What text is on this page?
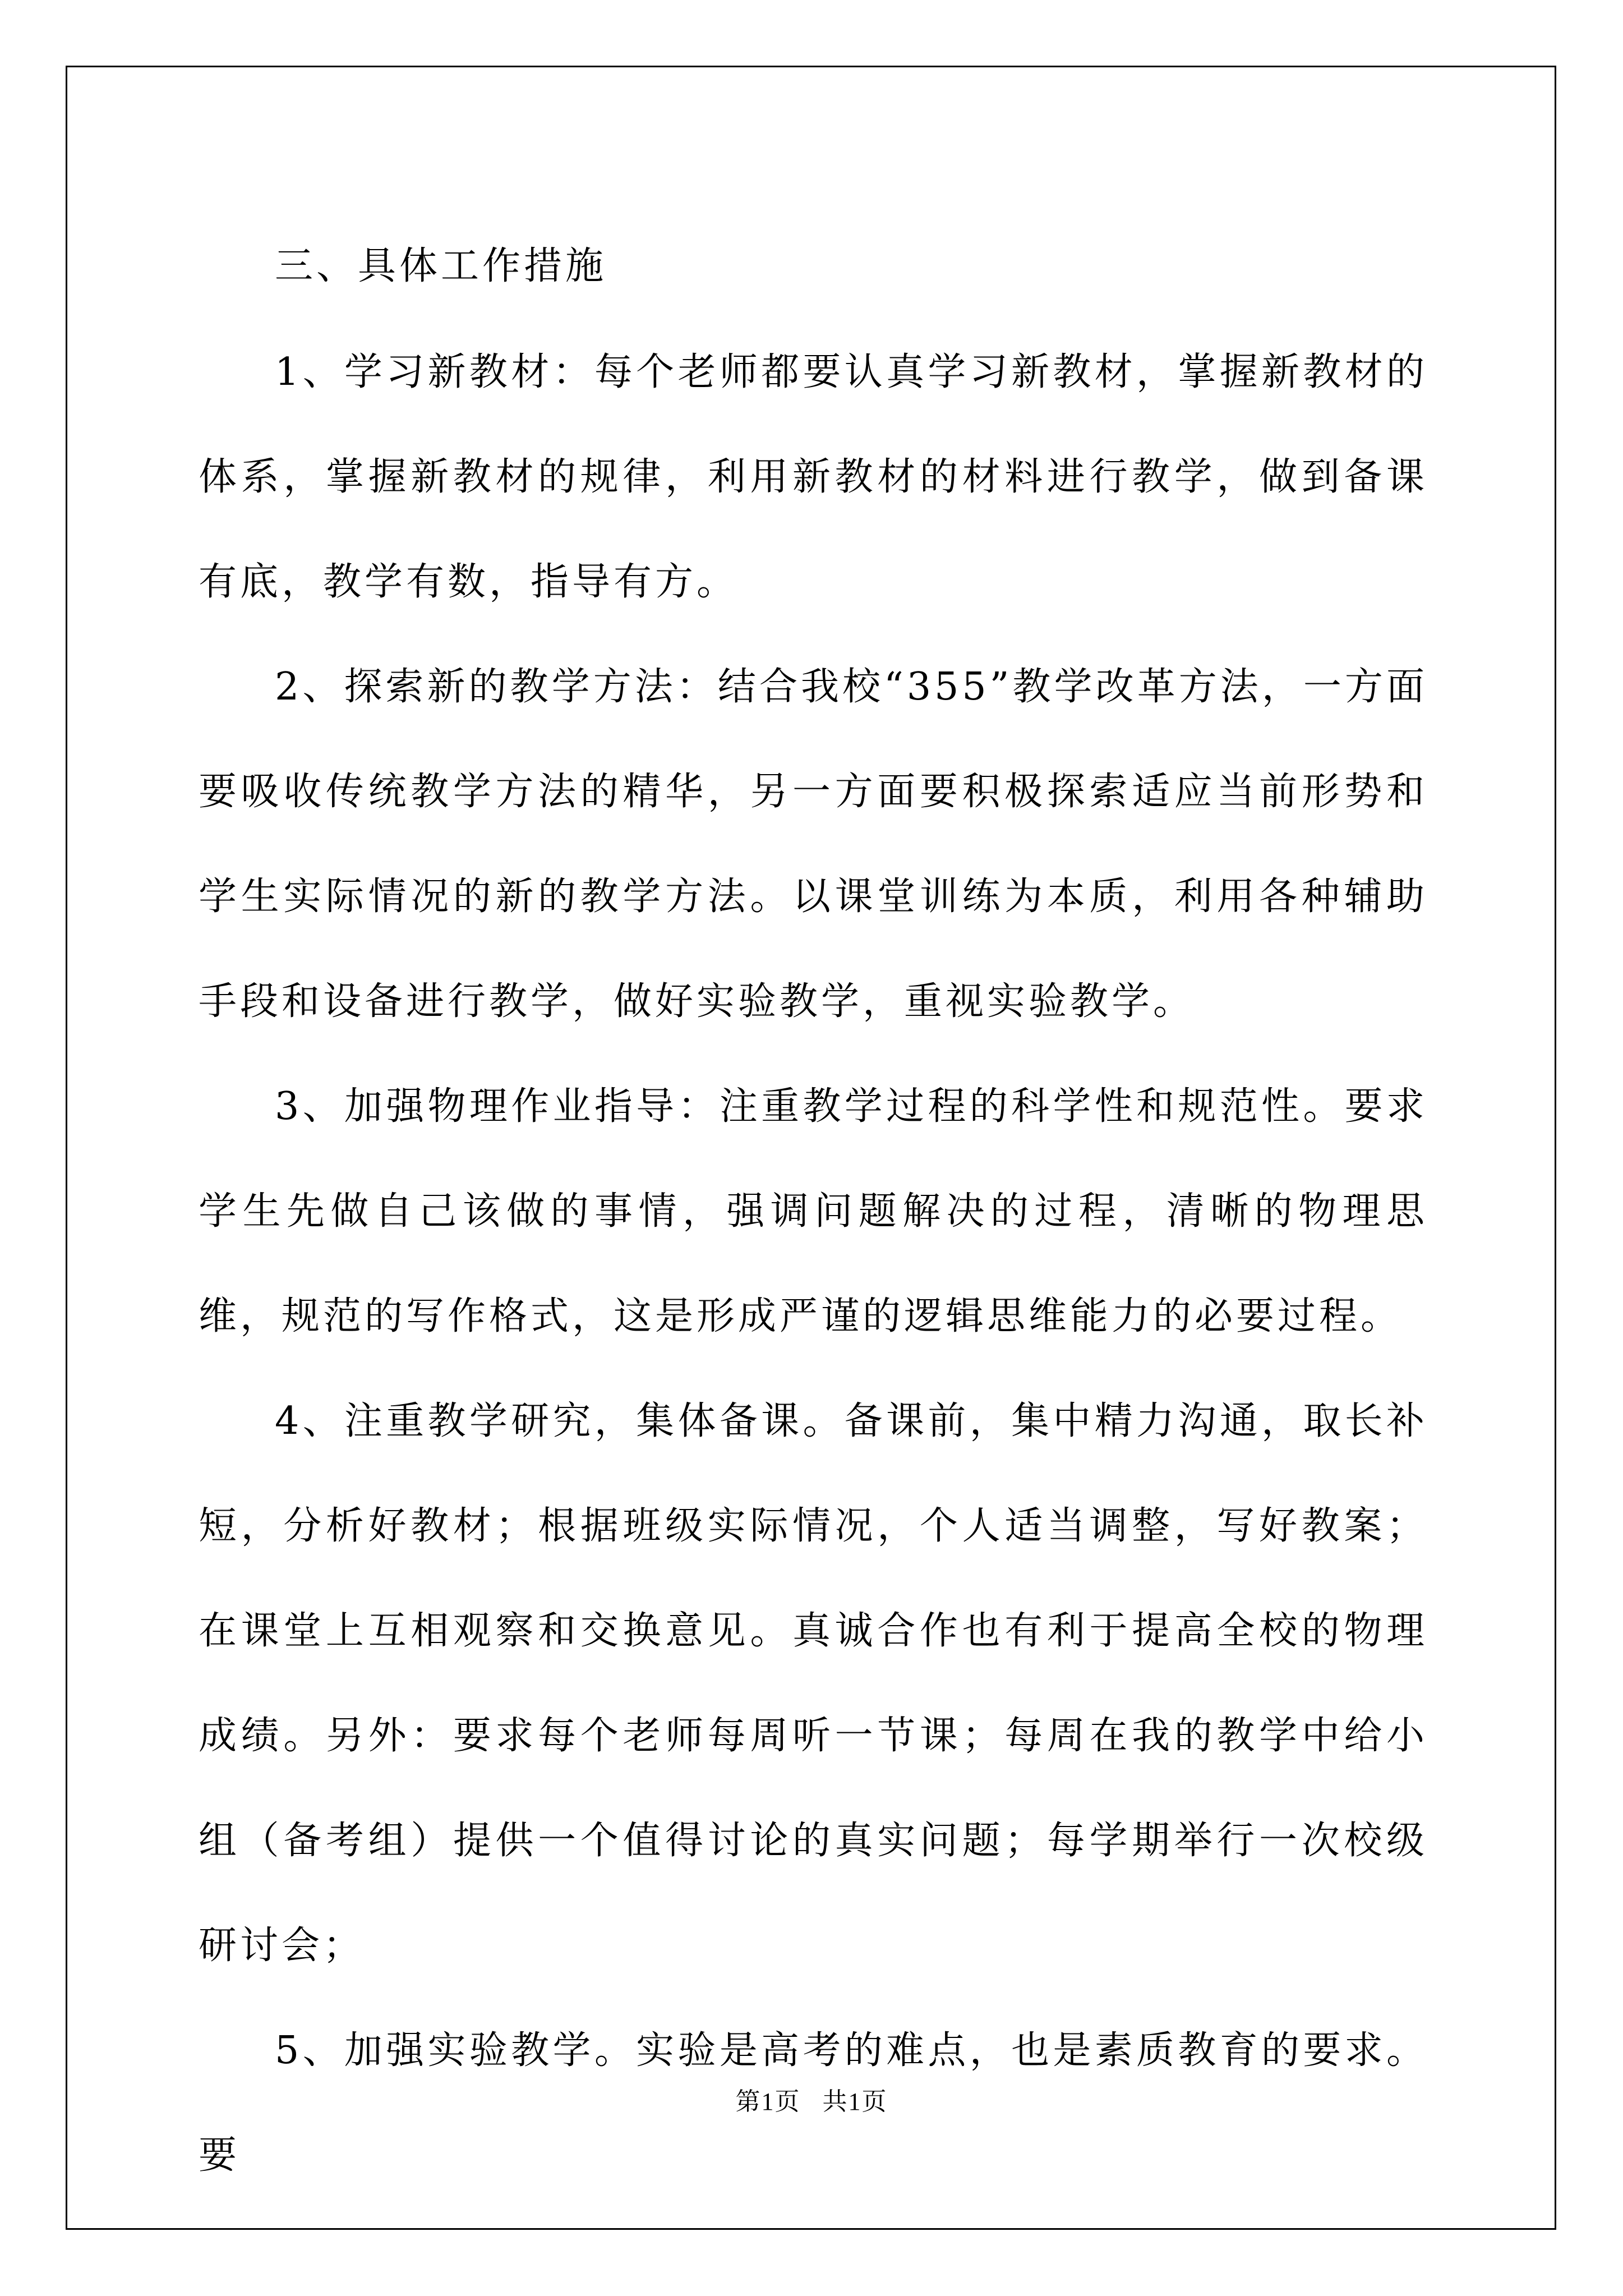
三、具体工作措施

1、学习新教材：每个老师都要认真学习新教材，掌握新教材的体系，掌握新教材的规律，利用新教材的材料进行教学，做到备课有底，教学有数，指导有方。

2、探索新的教学方法：结合我校“355”教学改革方法，一方面要吸收传统教学方法的精华，另一方面要积极探索适应当前形势和学生实际情况的新的教学方法。以课堂训练为本质，利用各种辅助手段和设备进行教学，做好实验教学，重视实验教学。

3、加强物理作业指导：注重教学过程的科学性和规范性。要求学生先做自己该做的事情，强调问题解决的过程，清晰的物理思维，规范的写作格式，这是形成严谨的逻辑思维能力的必要过程。

4、注重教学研究，集体备课。备课前，集中精力沟通，取长补短，分析好教材；根据班级实际情况，个人适当调整，写好教案；在课堂上互相观察和交换意见。真诚合作也有利于提高全校的物理成绩。另外：要求每个老师每周听一节课；每周在我的教学中给小组（备考组）提供一个值得讨论的真实问题；每学期举行一次校级研讨会；

5、加强实验教学。实验是高考的难点，也是素质教育的要求。要

第1页   共1页
